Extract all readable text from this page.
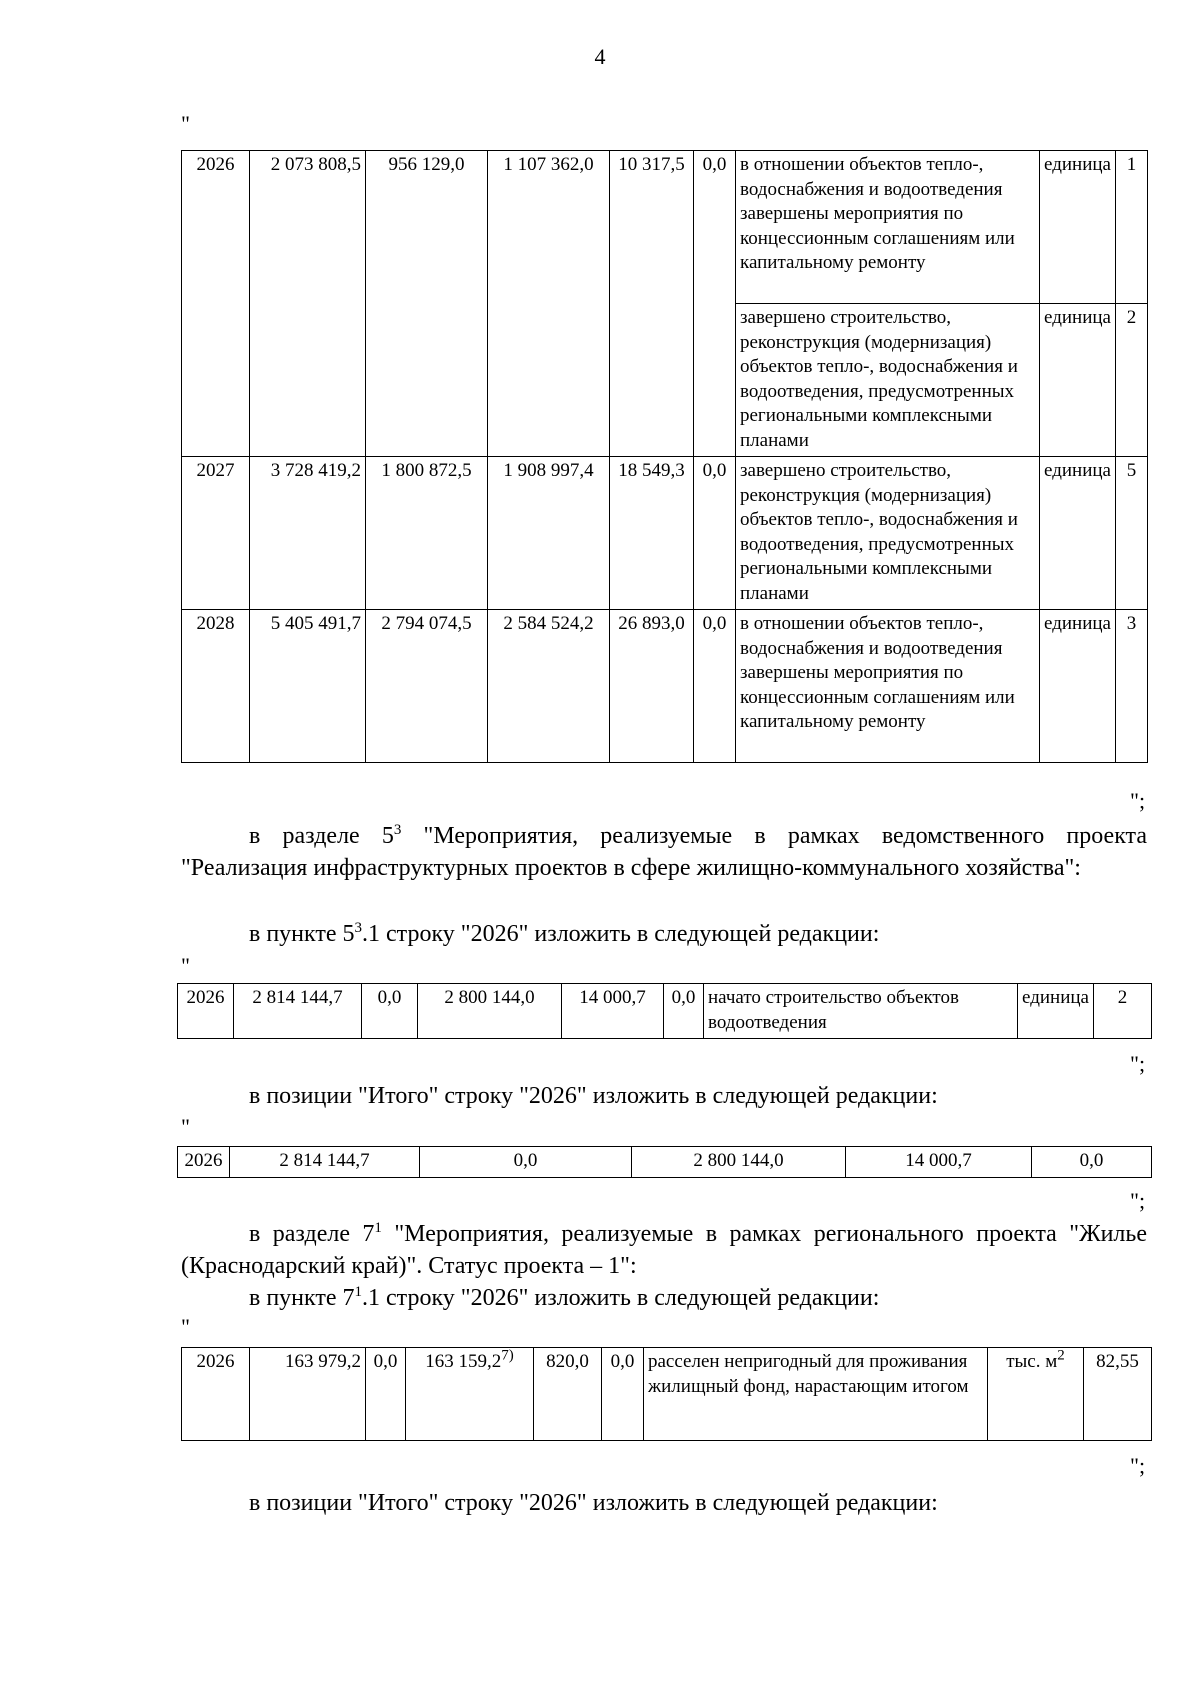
4
"
2026	2 073 808,5	956 129,0	1 107 362,0	10 317,5	0,0	в отношении объектов тепло-, водоснабжения и водоотведения завершены мероприятия по концессионным соглашениям или капитальному ремонту	единица	1
						завершено строительство, реконструкция (модернизация) объектов тепло-, водоснабжения и водоотведения, предусмотренных региональными комплексными планами	единица	2
2027	3 728 419,2	1 800 872,5	1 908 997,4	18 549,3	0,0	завершено строительство, реконструкция (модернизация) объектов тепло-, водоснабжения и водоотведения, предусмотренных региональными комплексными планами	единица	5
2028	5 405 491,7	2 794 074,5	2 584 524,2	26 893,0	0,0	в отношении объектов тепло-, водоснабжения и водоотведения завершены мероприятия по концессионным соглашениям или капитальному ремонту	единица	3
";
в разделе $5^3$ "Мероприятия, реализуемые в рамках ведомственного проекта "Реализация инфраструктурных проектов в сфере жилищно-коммунального хозяйства":
в пункте $5^3.1$ строку "2026" изложить в следующей редакции:
"
2026	2 814 144,7	0,0	2 800 144,0	14 000,7	0,0	начато строительство объектов водоотведения	единица	2
";
в позиции "Итого" строку "2026" изложить в следующей редакции:
"
2026	2 814 144,7	0,0	2 800 144,0	14 000,7	0,0
";
в разделе $7^1$ "Мероприятия, реализуемые в рамках регионального проекта "Жилье (Краснодарский край)". Статус проекта – 1":
в пункте $7^1.1$ строку "2026" изложить в следующей редакции:
"
2026	163 979,2	0,0	163 159,2$^{7)}$	820,0	0,0	расселен непригодный для проживания жилищный фонд, нарастающим итогом	тыс. $м^2$	82,55
";
в позиции "Итого" строку "2026" изложить в следующей редакции:
